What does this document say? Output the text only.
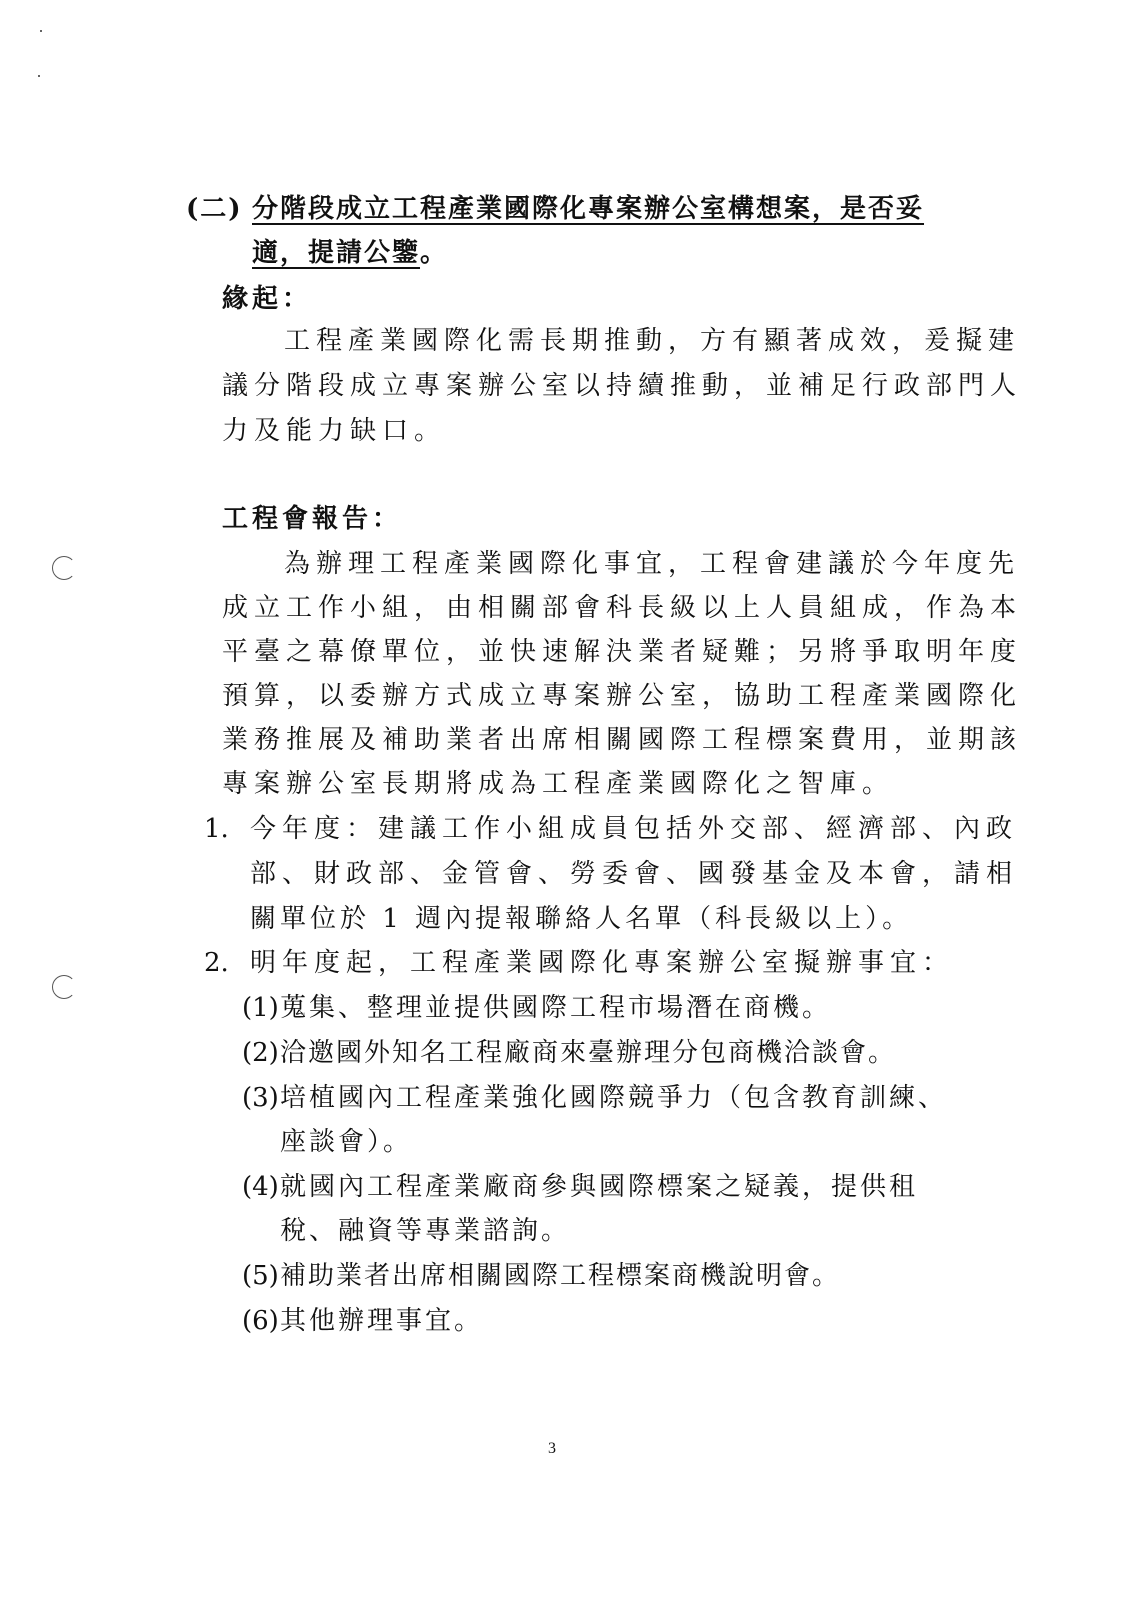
(二) 分階段成立工程產業國際化專案辦公室構想案，是否妥
適，提請公鑒。
緣起：
工程產業國際化需長期推動，方有顯著成效，爰擬建
議分階段成立專案辦公室以持續推動，並補足行政部門人
力及能力缺口。
工程會報告：
為辦理工程產業國際化事宜，工程會建議於今年度先
成立工作小組，由相關部會科長級以上人員組成，作為本
平臺之幕僚單位，並快速解決業者疑難；另將爭取明年度
預算，以委辦方式成立專案辦公室，協助工程產業國際化
業務推展及補助業者出席相關國際工程標案費用，並期該
專案辦公室長期將成為工程產業國際化之智庫。
1. 今年度：建議工作小組成員包括外交部、經濟部、內政
部、財政部、金管會、勞委會、國發基金及本會，請相
關單位於 1 週內提報聯絡人名單（科長級以上）。
2. 明年度起，工程產業國際化專案辦公室擬辦事宜：
(1) 蒐集、整理並提供國際工程市場潛在商機。
(2) 洽邀國外知名工程廠商來臺辦理分包商機洽談會。
(3) 培植國內工程產業強化國際競爭力（包含教育訓練、
座談會）。
(4) 就國內工程產業廠商參與國際標案之疑義，提供租
稅、融資等專業諮詢。
(5) 補助業者出席相關國際工程標案商機說明會。
(6) 其他辦理事宜。
3
